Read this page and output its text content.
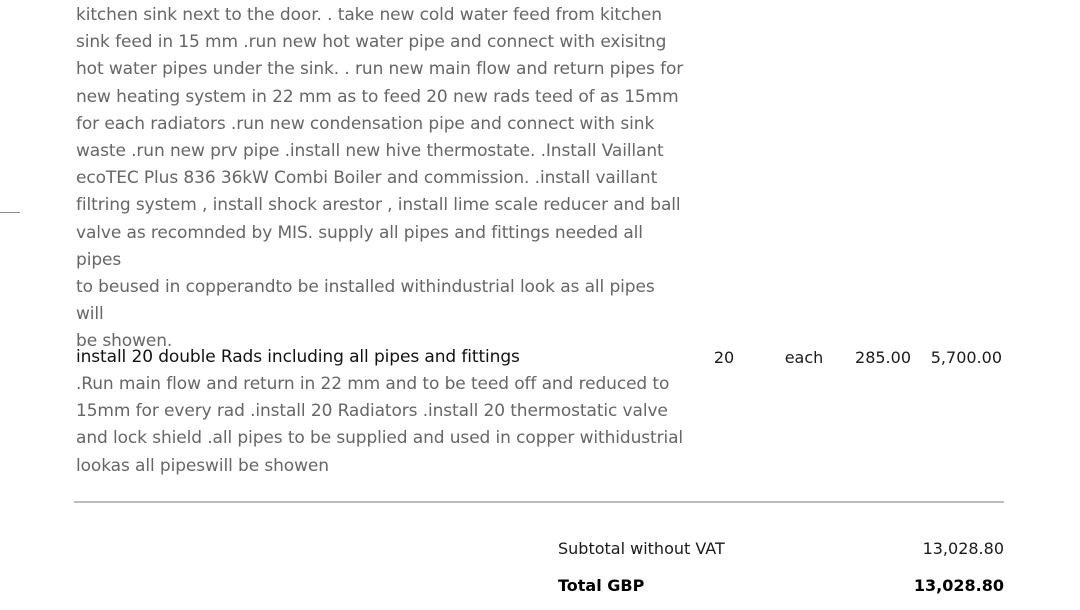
kitchen sink next to the door. . take new cold water feed from kitchen
sink feed in 15 mm .run new hot water pipe and connect with exisitng
hot water pipes under the sink. . run new main flow and return pipes for
new heating system in 22 mm as to feed 20 new rads teed of as 15mm
for each radiators .run new condensation pipe and connect with sink
waste .run new prv pipe .install new hive thermostate. .Install Vaillant
ecoTEC Plus 836 36kW Combi Boiler and commission. .install vaillant
filtring system , install shock arestor , install lime scale reducer and ball
valve as recomnded by MIS. supply all pipes and fittings needed all pipes
to beused in copperandto be installed withindustrial look as all pipes will
be showen.
install 20 double Rads including all pipes and fittings	20	each	285.00 5,700.00
.Run main flow and return in 22 mm and to be teed off and reduced to
15mm for every rad .install 20 Radiators .install 20 thermostatic valve
and lock shield .all pipes to be supplied and used in copper withidustrial
lookas all pipeswill be showen
Subtotal without VAT	13,028.80
Total GBP	13,028.80
